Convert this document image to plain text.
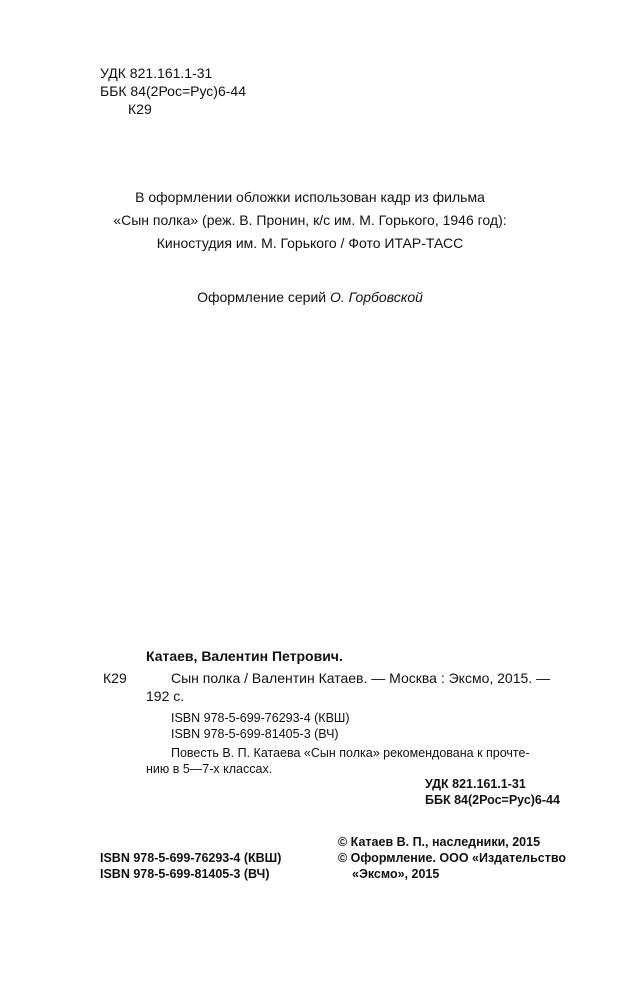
УДК 821.161.1-31
ББК 84(2Рос=Рус)6-44
К29
В оформлении обложки использован кадр из фильма
«Сын полка» (реж. В. Пронин, к/с им. М. Горького, 1946 год):
Киностудия им. М. Горького / Фото ИТАР-ТАСС
Оформление серий О. Горбовской
Катаев, Валентин Петрович.
К29	Сын полка / Валентин Катаев. — Москва : Эксмо, 2015. —
192 с.
ISBN 978-5-699-76293-4 (КВШ)
ISBN 978-5-699-81405-3 (ВЧ)
Повесть В. П. Катаева «Сын полка» рекомендована к прочте-
нию в 5—7-х классах.
УДК 821.161.1-31
ББК 84(2Рос=Рус)6-44
ISBN 978-5-699-76293-4 (КВШ)
ISBN 978-5-699-81405-3 (ВЧ)
© Катаев В. П., наследники, 2015
© Оформление. ООО «Издательство
«Эксмо», 2015
